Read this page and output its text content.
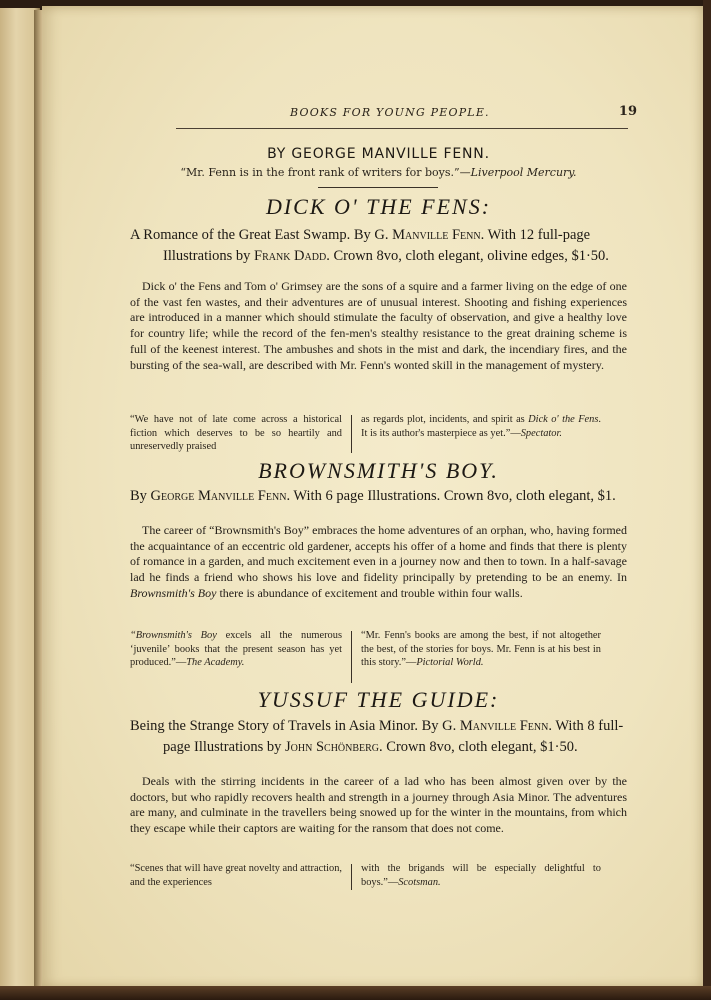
BOOKS FOR YOUNG PEOPLE.	19
BY GEORGE MANVILLE FENN.
“Mr. Fenn is in the front rank of writers for boys.”—Liverpool Mercury.
DICK O' THE FENS:
A Romance of the Great East Swamp. By G. Manville Fenn. With 12 full-page Illustrations by Frank Dadd. Crown 8vo, cloth elegant, olivine edges, $1·50.
Dick o' the Fens and Tom o' Grimsey are the sons of a squire and a farmer living on the edge of one of the vast fen wastes, and their adventures are of unusual interest. Shooting and fishing experiences are introduced in a manner which should stimulate the faculty of observation, and give a healthy love for country life; while the record of the fen-men's stealthy resistance to the great draining scheme is full of the keenest interest. The ambushes and shots in the mist and dark, the incendiary fires, and the bursting of the sea-wall, are described with Mr. Fenn's wonted skill in the management of mystery.
“We have not of late come across a historical fiction which deserves to be so heartily and unreservedly praised
as regards plot, incidents, and spirit as Dick o' the Fens. It is its author's masterpiece as yet.”—Spectator.
BROWNSMITH'S BOY.
By George Manville Fenn. With 6 page Illustrations. Crown 8vo, cloth elegant, $1.
The career of “Brownsmith's Boy” embraces the home adventures of an orphan, who, having formed the acquaintance of an eccentric old gardener, accepts his offer of a home and finds that there is plenty of romance in a garden, and much excitement even in a journey now and then to town. In a half-savage lad he finds a friend who shows his love and fidelity principally by pretending to be an enemy. In Brownsmith's Boy there is abundance of excitement and trouble within four walls.
“Brownsmith's Boy excels all the numerous ‘juvenile’ books that the present season has yet produced.”—The Academy.
“Mr. Fenn's books are among the best, if not altogether the best, of the stories for boys. Mr. Fenn is at his best in this story.”—Pictorial World.
YUSSUF THE GUIDE:
Being the Strange Story of Travels in Asia Minor. By G. Manville Fenn. With 8 full-page Illustrations by John Schönberg. Crown 8vo, cloth elegant, $1·50.
Deals with the stirring incidents in the career of a lad who has been almost given over by the doctors, but who rapidly recovers health and strength in a journey through Asia Minor. The adventures are many, and culminate in the travellers being snowed up for the winter in the mountains, from which they escape while their captors are waiting for the ransom that does not come.
“Scenes that will have great novelty and attraction, and the experiences
with the brigands will be especially delightful to boys.”—Scotsman.
